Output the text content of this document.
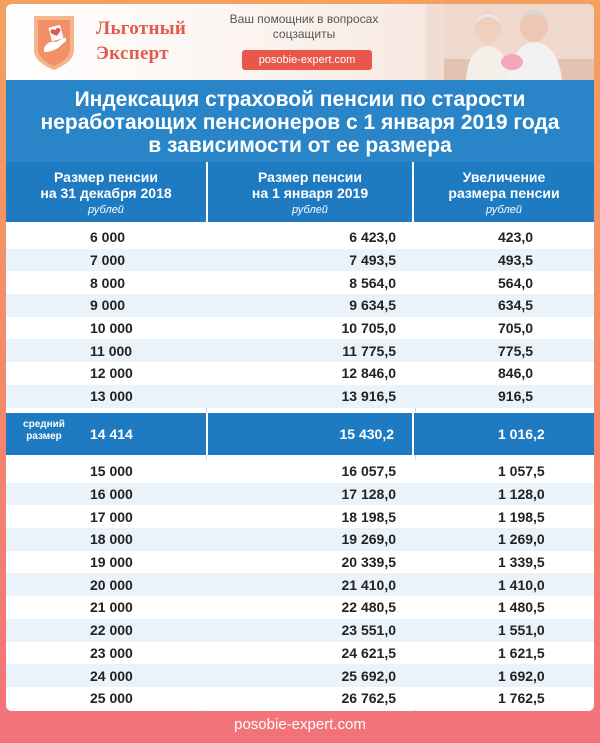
Льготный
Эксперт
Ваш помощник в вопросах
соцзащиты
posobie-expert.com
Индексация страховой пенсии по старости
неработающих пенсионеров с 1 января 2019 года
в зависимости от ее размера
Размер пенсии
на 31 декабря 2018
рублей
Размер пенсии
на 1 января 2019
рублей
Увеличение
размера пенсии
рублей
6 000	6 423,0	423,0
7 000	7 493,5	493,5
8 000	8 564,0	564,0
9 000	9 634,5	634,5
10 000	10 705,0	705,0
11 000	11 775,5	775,5
12 000	12 846,0	846,0
13 000	13 916,5	916,5
средний
размер	14 414	15 430,2	1 016,2
15 000	16 057,5	1 057,5
16 000	17 128,0	1 128,0
17 000	18 198,5	1 198,5
18 000	19 269,0	1 269,0
19 000	20 339,5	1 339,5
20 000	21 410,0	1 410,0
21 000	22 480,5	1 480,5
22 000	23 551,0	1 551,0
23 000	24 621,5	1 621,5
24 000	25 692,0	1 692,0
25 000	26 762,5	1 762,5
posobie-expert.com
